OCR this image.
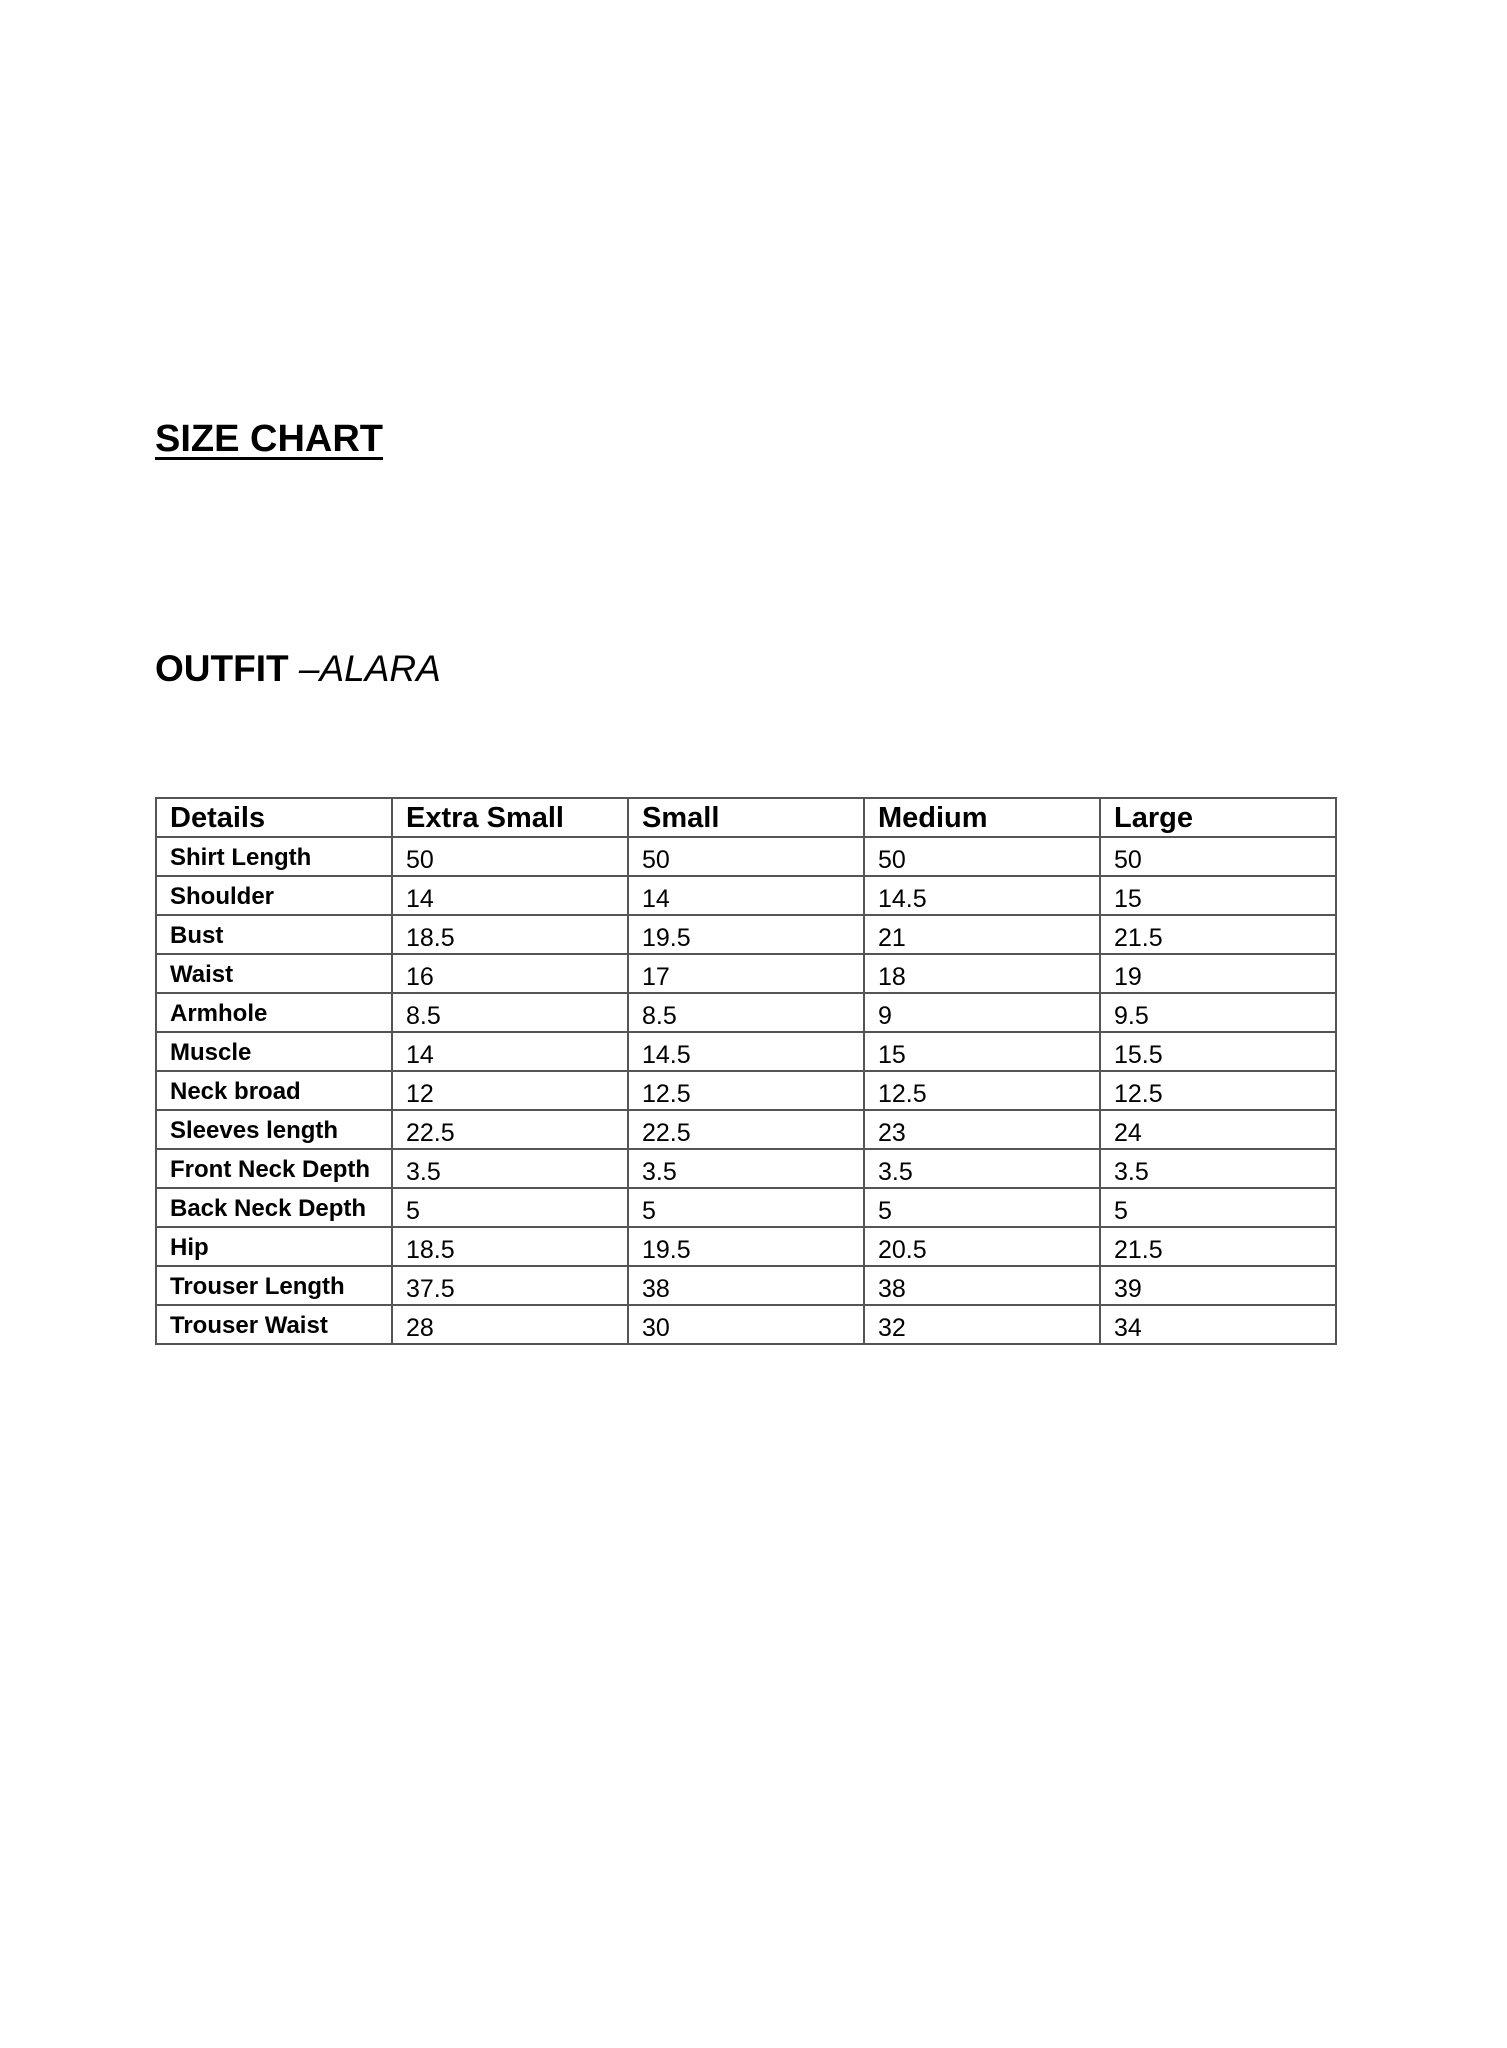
SIZE CHART
OUTFIT –ALARA
Details	Extra Small	Small	Medium	Large
Shirt Length	50	50	50	50
Shoulder	14	14	14.5	15
Bust	18.5	19.5	21	21.5
Waist	16	17	18	19
Armhole	8.5	8.5	9	9.5
Muscle	14	14.5	15	15.5
Neck broad	12	12.5	12.5	12.5
Sleeves length	22.5	22.5	23	24
Front Neck Depth	3.5	3.5	3.5	3.5
Back Neck Depth	5	5	5	5
Hip	18.5	19.5	20.5	21.5
Trouser Length	37.5	38	38	39
Trouser Waist	28	30	32	34
